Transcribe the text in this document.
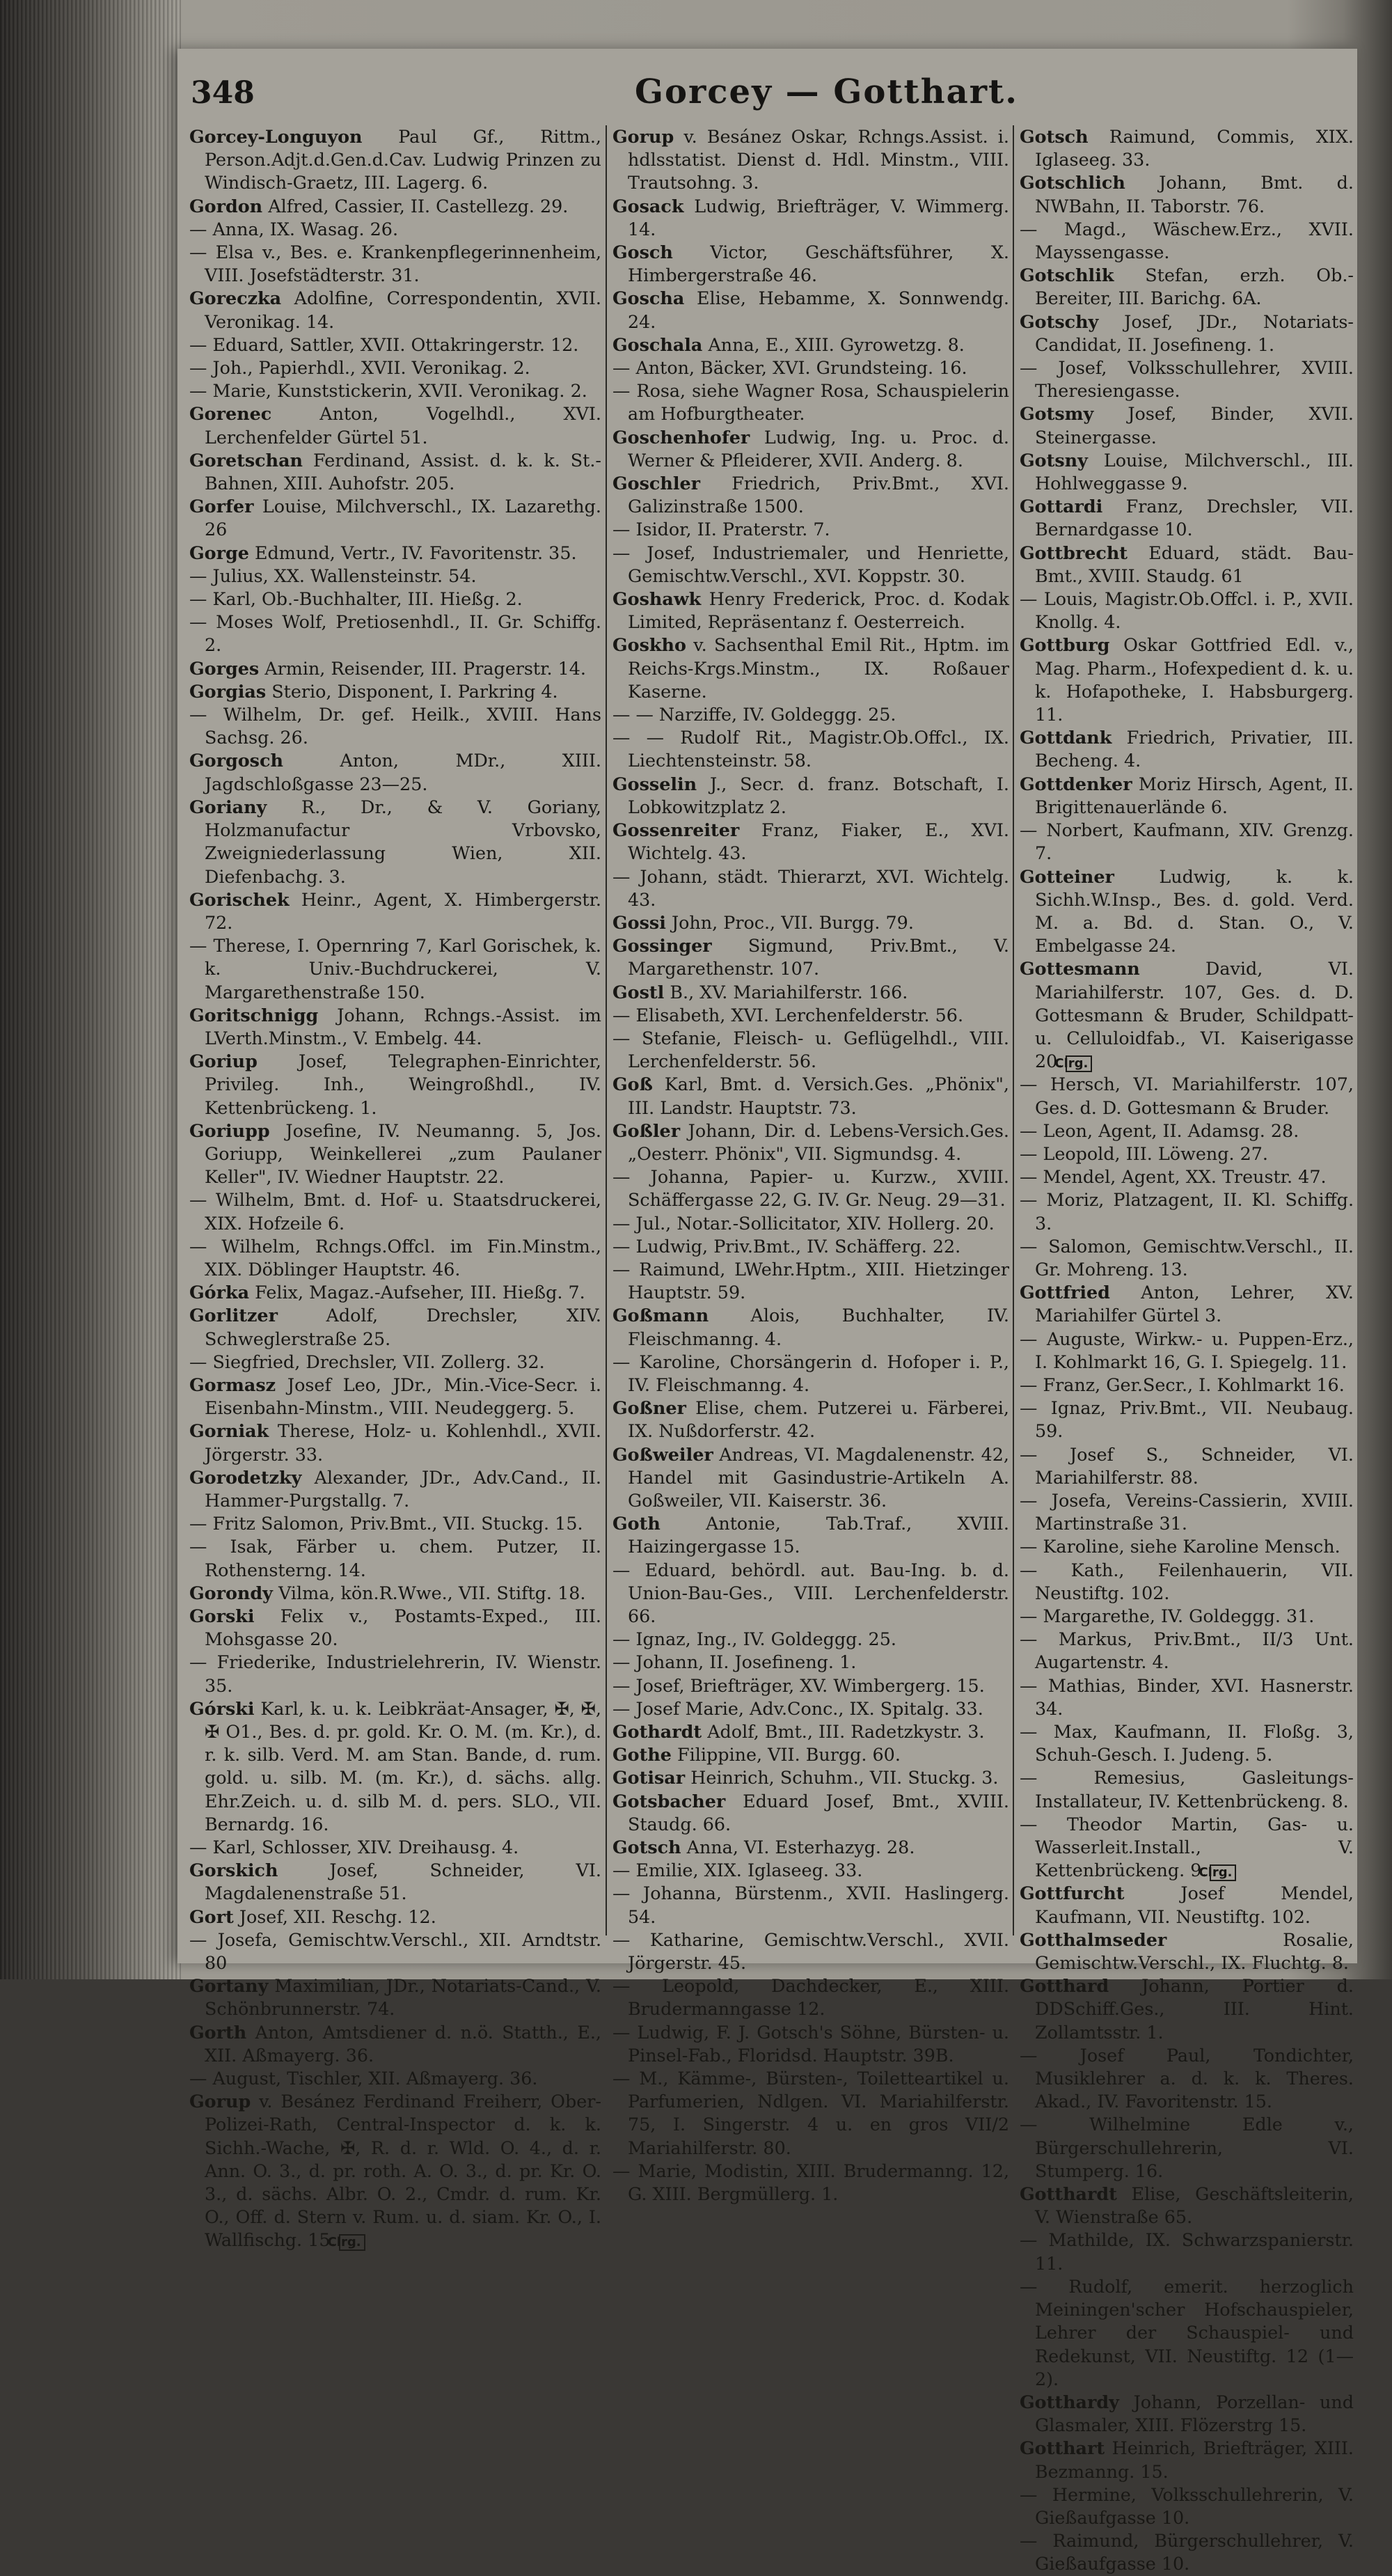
348	Gorcey — Gotthart.

Gorcey-Longuyon Paul Gf., Rittm., Person.Adjt.d.Gen.d.Cav. Ludwig Prinzen zu Windisch-Graetz, III. Lagerg. 6.

Gordon Alfred, Cassier, II. Castellezg. 29.

— Anna, IX. Wasag. 26.

— Elsa v., Bes. e. Krankenpflegerinnenheim, VIII. Josefstädterstr. 31.

Goreczka Adolfine, Correspondentin, XVII. Veronikag. 14.

— Eduard, Sattler, XVII. Ottakringerstr. 12.

— Joh., Papierhdl., XVII. Veronikag. 2.

— Marie, Kunststickerin, XVII. Veronikag. 2.

Gorenec	Anton, Vogelhdl., XVI. Lerchenfelder Gürtel 51.

Goretschan Ferdinand, Assist. d. k. k. St.-Bahnen, XIII. Auhofstr. 205.

Gorfer Louise, Milchverschl., IX. Lazarethg. 26

Gorge Edmund, Vertr., IV. Favoritenstr. 35.

— Julius, XX. Wallensteinstr. 54.

— Karl, Ob.-Buchhalter, III. Hießg. 2.

— Moses Wolf, Pretiosenhdl., II. Gr. Schiffg. 2.

Gorges Armin, Reisender, III. Pragerstr. 14.

Gorgias Sterio, Disponent, I. Parkring 4.

— Wilhelm, Dr. gef. Heilk., XVIII. Hans Sachsg. 26.

Gorgosch	Anton, MDr., XIII. Jagdschloßgasse 23—25.

Goriany R., Dr., & V. Goriany, Holzmanufactur Vrbovsko, Zweigniederlassung Wien, XII. Diefenbachg. 3.

Gorischek Heinr., Agent, X. Himbergerstr. 72.

— Therese, I. Opernring 7, Karl Gorischek, k. k. Univ.-Buchdruckerei, V. Margarethenstraße 150.

Goritschnigg Johann, Rchngs.-Assist. im LVerth.Minstm., V. Embelg. 44.

Goriup Josef, Telegraphen-Einrichter, Privileg. Inh., Weingroßhdl., IV. Kettenbrückeng. 1.

Goriupp Josefine, IV. Neumanng. 5, Jos. Goriupp, Weinkellerei „zum Paulaner Keller", IV. Wiedner Hauptstr. 22.

— Wilhelm, Bmt. d. Hof- u. Staatsdruckerei, XIX. Hofzeile 6.

— Wilhelm, Rchngs.Offcl. im Fin.Minstm., XIX. Döblinger Hauptstr. 46.

Górka Felix, Magaz.-Aufseher, III. Hießg. 7.

Gorlitzer	Adolf, Drechsler, XIV. Schweglerstraße 25.

— Siegfried, Drechsler, VII. Zollerg. 32.

Gormasz Josef Leo, JDr., Min.-Vice-Secr. i. Eisenbahn-Minstm., VIII. Neudeggerg. 5.

Gorniak Therese, Holz- u. Kohlenhdl., XVII. Jörgerstr. 33.

Gorodetzky Alexander, JDr., Adv.Cand., II. Hammer-Purgstallg. 7.

— Fritz Salomon, Priv.Bmt., VII. Stuckg. 15.

— Isak, Färber u. chem. Putzer, II. Rothensterng. 14.

Gorondy Vilma, kön.R.Wwe., VII. Stiftg. 18.

Gorski Felix v., Postamts-Exped., III. Mohsgasse 20.

— Friederike, Industrielehrerin, IV. Wienstr. 35.

Górski Karl, k. u. k. Leibkräat-Ansager, ✠, ✠, ✠ O1., Bes. d. pr. gold. Kr. O. M. (m. Kr.), d. r. k. silb. Verd. M. am Stan. Bande, d. rum. gold. u. silb. M. (m. Kr.), d. sächs. allg. Ehr.Zeich. u. d. silb M. d. pers. SLO., VII. Bernardg. 16.

— Karl, Schlosser, XIV. Dreihausg. 4.

Gorskich	Josef, Schneider, VI. Magdalenenstraße 51.

Gort Josef, XII. Reschg. 12.

— Josefa, Gemischtw.Verschl., XII. Arndtstr. 80

Gortany Maximilian, JDr., Notariats-Cand., V. Schönbrunnerstr. 74.

Gorth Anton, Amtsdiener d. n.ö. Statth., E., XII. Aßmayerg. 36.

— August, Tischler, XII. Aßmayerg. 36.

Gorup v. Besánez Ferdinand Freiherr, Ober-Polizei-Rath, Central-Inspector d. k. k. Sichh.-Wache, ✠, R. d. r. Wld. O. 4., d. r. Ann. O. 3., d. pr. roth. A. O. 3., d. pr. Kr. O. 3., d. sächs. Albr. O. 2., Cmdr. d. rum. Kr. O., Off. d. Stern v. Rum. u. d. siam. Kr. O., I. Wallfischg. 15.Clrg.

Gorup v. Besánez Oskar, Rchngs.Assist. i. hdlsstatist. Dienst d. Hdl. Minstm., VIII. Trautsohng. 3.

Gosack Ludwig, Briefträger, V. Wimmerg. 14.

Gosch Victor, Geschäftsführer, X. Himbergerstraße 46.

Goscha Elise, Hebamme, X. Sonnwendg. 24.

Goschala Anna, E., XIII. Gyrowetzg. 8.

— Anton, Bäcker, XVI. Grundsteing. 16.

— Rosa, siehe Wagner Rosa, Schauspielerin am Hofburgtheater.

Goschenhofer Ludwig, Ing. u. Proc. d. Werner & Pfleiderer, XVII. Anderg. 8.

Goschler Friedrich, Priv.Bmt., XVI. Galizinstraße 1500.

— Isidor, II. Praterstr. 7.

— Josef, Industriemaler, und Henriette, Gemischtw.Verschl., XVI. Koppstr. 30.

Goshawk Henry Frederick, Proc. d. Kodak Limited, Repräsentanz f. Oesterreich.

Goskho v. Sachsenthal Emil Rit., Hptm. im Reichs-Krgs.Minstm., IX. Roßauer Kaserne.

— — Narziffe, IV. Goldeggg. 25.

— — Rudolf Rit., Magistr.Ob.Offcl., IX. Liechtensteinstr. 58.

Gosselin J., Secr. d. franz. Botschaft, I. Lobkowitzplatz 2.

Gossenreiter Franz, Fiaker, E., XVI. Wichtelg. 43.

— Johann, städt. Thierarzt, XVI. Wichtelg. 43.

Gossi John, Proc., VII. Burgg. 79.

Gossinger Sigmund, Priv.Bmt., V. Margarethenstr. 107.

Gostl B., XV. Mariahilferstr. 166.

— Elisabeth, XVI. Lerchenfelderstr. 56.

— Stefanie, Fleisch- u. Geflügelhdl., VIII. Lerchenfelderstr. 56.

Goß Karl, Bmt. d. Versich.Ges. „Phönix", III. Landstr. Hauptstr. 73.

Goßler Johann, Dir. d. Lebens-Versich.Ges. „Oesterr. Phönix", VII. Sigmundsg. 4.

— Johanna, Papier- u. Kurzw., XVIII. Schäffergasse 22, G. IV. Gr. Neug. 29—31.

— Jul., Notar.-Sollicitator, XIV. Hollerg. 20.

— Ludwig, Priv.Bmt., IV. Schäfferg. 22.

— Raimund, LWehr.Hptm., XIII. Hietzinger Hauptstr. 59.

Goßmann Alois, Buchhalter, IV. Fleischmanng. 4.

— Karoline, Chorsängerin d. Hofoper i. P., IV. Fleischmanng. 4.

Goßner Elise, chem. Putzerei u. Färberei, IX. Nußdorferstr. 42.

Goßweiler Andreas, VI. Magdalenenstr. 42, Handel mit Gasindustrie-Artikeln A. Goßweiler, VII. Kaiserstr. 36.

Goth	Antonie, Tab.Traf., XVIII. Haizingergasse 15.

— Eduard, behördl. aut. Bau-Ing. b. d. Union-Bau-Ges., VIII. Lerchenfelderstr. 66.

— Ignaz, Ing., IV. Goldeggg. 25.

— Johann, II. Josefineng. 1.

— Josef, Briefträger, XV. Wimbergerg. 15.

— Josef Marie, Adv.Conc., IX. Spitalg. 33.

Gothardt Adolf, Bmt., III. Radetzkystr. 3.

Gothe Filippine, VII. Burgg. 60.

Gotisar Heinrich, Schuhm., VII. Stuckg. 3.

Gotsbacher Eduard Josef, Bmt., XVIII. Staudg. 66.

Gotsch Anna, VI. Esterhazyg. 28.

— Emilie, XIX. Iglaseeg. 33.

— Johanna, Bürstenm., XVII. Haslingerg. 54.

— Katharine, Gemischtw.Verschl., XVII. Jörgerstr. 45.

— Leopold, Dachdecker, E., XIII. Brudermanngasse 12.

— Ludwig, F. J. Gotsch's Söhne, Bürsten- u. Pinsel-Fab., Floridsd. Hauptstr. 39B.

— M., Kämme-, Bürsten-, Toiletteartikel u. Parfumerien, Ndlgen. VI. Mariahilferstr. 75, I. Singerstr. 4 u. en gros VII/2 Mariahilferstr. 80.

— Marie, Modistin, XIII. Brudermanng. 12, G. XIII. Bergmüllerg. 1.

Gotsch Raimund, Commis, XIX. Iglaseeg. 33.

Gotschlich Johann, Bmt. d. NWBahn, II. Taborstr. 76.

— Magd., Wäschew.Erz., XVII. Mayssengasse.

Gotschlik Stefan, erzh. Ob.-Bereiter, III. Barichg. 6A.

Gotschy Josef, JDr., Notariats-Candidat, II. Josefineng. 1.

— Josef, Volksschullehrer, XVIII. Theresiengasse.

Gotsmy Josef, Binder, XVII. Steinergasse.

Gotsny Louise, Milchverschl., III. Hohlweggasse 9.

Gottardi Franz, Drechsler, VII. Bernardgasse 10.

Gottbrecht Eduard, städt. Bau-Bmt., XVIII. Staudg. 61

— Louis, Magistr.Ob.Offcl. i. P., XVII. Knollg. 4.

Gottburg Oskar Gottfried Edl. v., Mag. Pharm., Hofexpedient d. k. u. k. Hofapotheke, I. Habsburgerg. 11.

Gottdank Friedrich, Privatier, III. Becheng. 4.

Gottdenker Moriz Hirsch, Agent, II. Brigittenauerlände 6.

— Norbert, Kaufmann, XIV. Grenzg. 7.

Gotteiner	Ludwig, k. k. Sichh.W.Insp., Bes. d. gold. Verd. M. a. Bd. d. Stan. O., V. Embelgasse 24.

Gottesmann	David, VI. Mariahilferstr. 107, Ges. d. D. Gottesmann & Bruder, Schildpatt- u. Celluloidfab., VI. Kaiserigasse 20.Clrg.

— Hersch, VI. Mariahilferstr. 107, Ges. d. D. Gottesmann & Bruder.

— Leon, Agent, II. Adamsg. 28.

— Leopold, III. Löweng. 27.

— Mendel, Agent, XX. Treustr. 47.

— Moriz, Platzagent, II. Kl. Schiffg. 3.

— Salomon, Gemischtw.Verschl., II. Gr. Mohreng. 13.

Gottfried Anton, Lehrer, XV. Mariahilfer Gürtel 3.

— Auguste, Wirkw.- u. Puppen-Erz., I. Kohlmarkt 16, G. I. Spiegelg. 11.

— Franz, Ger.Secr., I. Kohlmarkt 16.

— Ignaz, Priv.Bmt., VII. Neubaug. 59.

— Josef S., Schneider, VI. Mariahilferstr. 88.

— Josefa, Vereins-Cassierin, XVIII. Martinstraße 31.

— Karoline, siehe Karoline Mensch.

— Kath., Feilenhauerin, VII. Neustiftg. 102.

— Margarethe, IV. Goldeggg. 31.

— Markus, Priv.Bmt., II/3 Unt. Augartenstr. 4.

— Mathias, Binder, XVI. Hasnerstr. 34.

— Max, Kaufmann, II. Floßg. 3, Schuh-Gesch. I. Judeng. 5.

— Remesius,	Gasleitungs-Installateur, IV. Kettenbrückeng. 8.

— Theodor Martin, Gas- u. Wasserleit.Install., V. Kettenbrückeng. 9.Clrg.

Gottfurcht	Josef Mendel, Kaufmann, VII. Neustiftg. 102.

Gotthalmseder	Rosalie, Gemischtw.Verschl., IX. Fluchtg. 8.

Gotthard Johann, Portier d. DDSchiff.Ges., III. Hint. Zollamtsstr. 1.

— Josef Paul, Tondichter, Musiklehrer a. d. k. k. Theres. Akad., IV. Favoritenstr. 15.

— Wilhelmine Edle v., Bürgerschullehrerin, VI. Stumperg. 16.

Gotthardt Elise, Geschäftsleiterin, V. Wienstraße 65.

— Mathilde, IX. Schwarzspanierstr. 11.

— Rudolf, emerit. herzoglich Meiningen'scher Hofschauspieler, Lehrer der Schauspiel- und Redekunst, VII. Neustiftg. 12 (1—2).

Gotthardy Johann, Porzellan- und Glasmaler, XIII. Flözerstrg 15.

Gotthart Heinrich, Briefträger, XIII. Bezmanng. 15.

— Hermine, Volksschullehrerin, V. Gießaufgasse 10.

— Raimund, Bürgerschullehrer, V. Gießaufgasse 10.
